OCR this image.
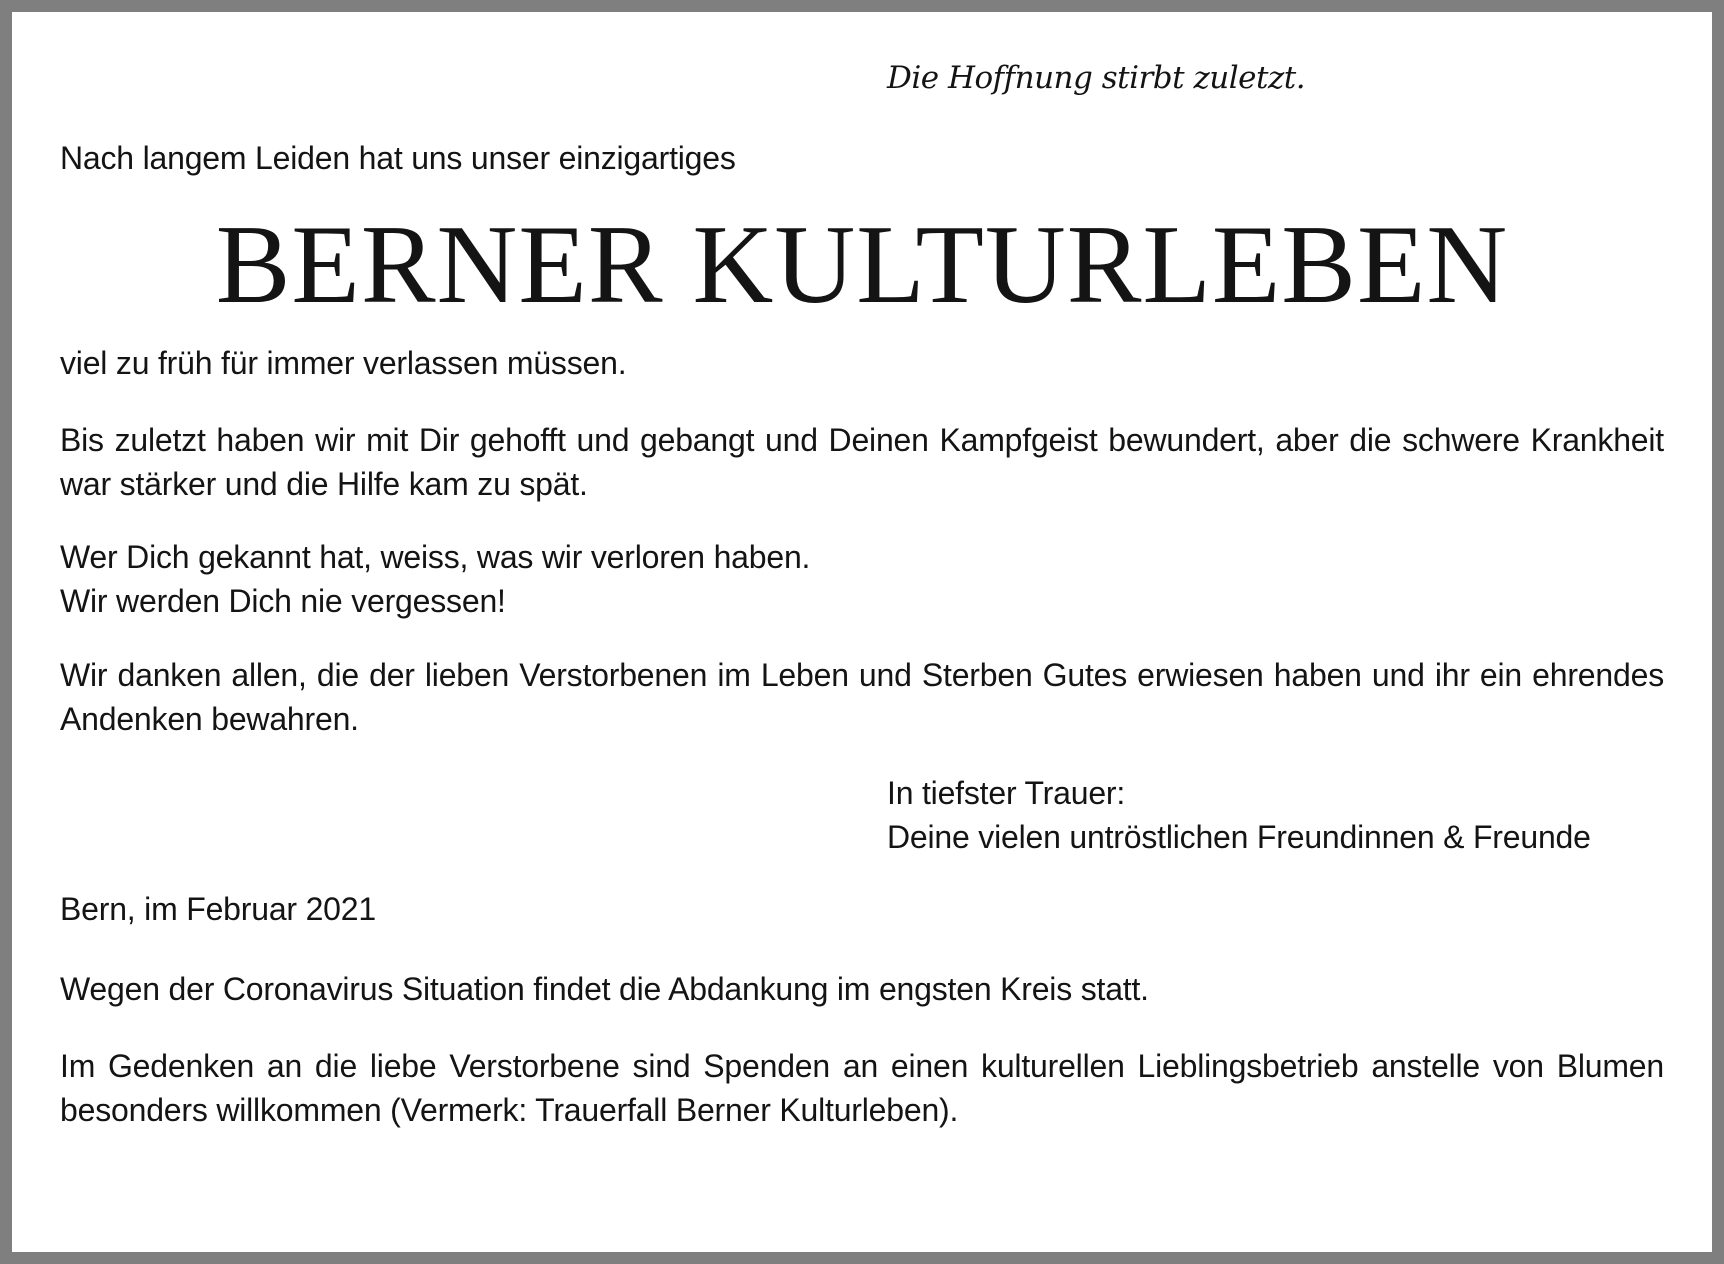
Die Hoffnung stirbt zuletzt.
Nach langem Leiden hat uns unser einzigartiges
BERNER KULTURLEBEN
viel zu früh für immer verlassen müssen.
Bis zuletzt haben wir mit Dir gehofft und gebangt und Deinen Kampfgeist bewundert, aber die schwere Krankheit war stärker und die Hilfe kam zu spät.
Wer Dich gekannt hat, weiss, was wir verloren haben.
Wir werden Dich nie vergessen!
Wir danken allen, die der lieben Verstorbenen im Leben und Sterben Gutes erwiesen haben und ihr ein ehrendes Andenken bewahren.
In tiefster Trauer:
Deine vielen untröstlichen Freundinnen & Freunde
Bern, im Februar 2021
Wegen der Coronavirus Situation findet die Abdankung im engsten Kreis statt.
Im Gedenken an die liebe Verstorbene sind Spenden an einen kulturellen Lieblingsbetrieb anstelle von Blumen besonders willkommen (Vermerk: Trauerfall Berner Kulturleben).
